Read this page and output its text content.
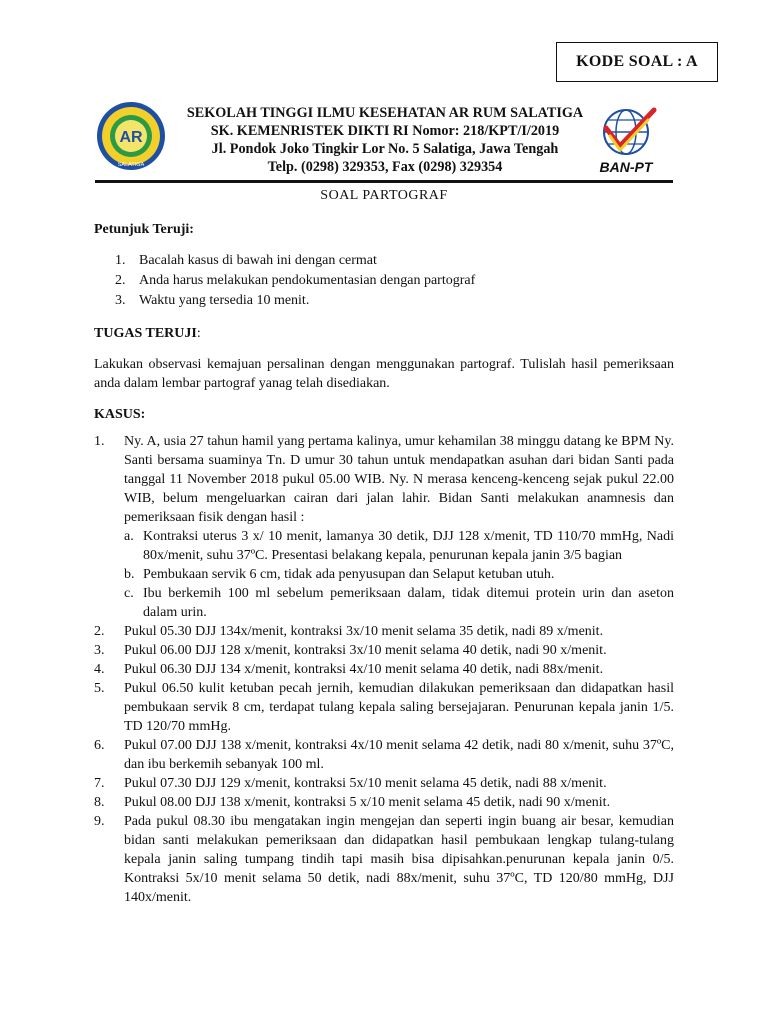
KODE SOAL : A
AR
SALATIGA
SEKOLAH TINGGI ILMU KESEHATAN AR RUM SALATIGA
SK. KEMENRISTEK DIKTI RI Nomor: 218/KPT/I/2019
Jl. Pondok Joko Tingkir Lor No. 5 Salatiga, Jawa Tengah
Telp. (0298) 329353, Fax (0298) 329354	BAN-PT
SOAL PARTOGRAF

Petunjuk Teruji:

1. Bacalah kasus di bawah ini dengan cermat
2. Anda harus melakukan pendokumentasian dengan partograf
3. Waktu yang tersedia 10 menit.

TUGAS TERUJI:

Lakukan observasi kemajuan persalinan dengan menggunakan partograf. Tulislah hasil pemeriksaan anda dalam lembar partograf yanag telah disediakan.

KASUS:

1.	Ny. A, usia 27 tahun hamil yang pertama kalinya, umur kehamilan 38 minggu datang ke BPM Ny. Santi bersama suaminya Tn. D umur 30 tahun untuk mendapatkan asuhan dari bidan Santi pada tanggal 11 November 2018 pukul 05.00 WIB. Ny. N merasa kenceng-kenceng sejak pukul 22.00 WIB, belum mengeluarkan cairan dari jalan lahir. Bidan Santi melakukan anamnesis dan pemeriksaan fisik dengan hasil :
a. Kontraksi uterus 3 x/ 10 menit, lamanya 30 detik, DJJ 128 x/menit, TD 110/70 mmHg, Nadi 80x/menit, suhu 37ºC. Presentasi belakang kepala, penurunan kepala janin 3/5 bagian
b. Pembukaan servik 6 cm, tidak ada penyusupan dan Selaput ketuban utuh.
c. Ibu berkemih 100 ml sebelum pemeriksaan dalam, tidak ditemui protein urin dan aseton dalam urin.
2.	Pukul 05.30 DJJ 134x/menit, kontraksi 3x/10 menit selama 35 detik, nadi 89 x/menit.
3.	Pukul 06.00 DJJ 128 x/menit, kontraksi 3x/10 menit selama 40 detik, nadi 90 x/menit.
4.	Pukul 06.30 DJJ 134 x/menit, kontraksi 4x/10 menit selama 40 detik, nadi 88x/menit.
5.	Pukul 06.50 kulit ketuban pecah jernih, kemudian dilakukan pemeriksaan dan didapatkan hasil pembukaan servik 8 cm, terdapat tulang kepala saling bersejajaran. Penurunan kepala janin 1/5. TD 120/70 mmHg.
6.	Pukul 07.00 DJJ 138 x/menit, kontraksi 4x/10 menit selama 42 detik, nadi 80 x/menit, suhu 37ºC, dan ibu berkemih sebanyak 100 ml.
7.	Pukul 07.30 DJJ 129 x/menit, kontraksi 5x/10 menit selama 45 detik, nadi 88 x/menit.
8.	Pukul 08.00 DJJ 138 x/menit, kontraksi 5 x/10 menit selama 45 detik, nadi 90 x/menit.
9.	Pada pukul 08.30 ibu mengatakan ingin mengejan dan seperti ingin buang air besar, kemudian bidan santi melakukan pemeriksaan dan didapatkan hasil pembukaan lengkap tulang-tulang kepala janin saling tumpang tindih tapi masih bisa dipisahkan.penurunan kepala janin 0/5. Kontraksi 5x/10 menit selama 50 detik, nadi 88x/menit, suhu 37ºC, TD 120/80 mmHg, DJJ 140x/menit.
